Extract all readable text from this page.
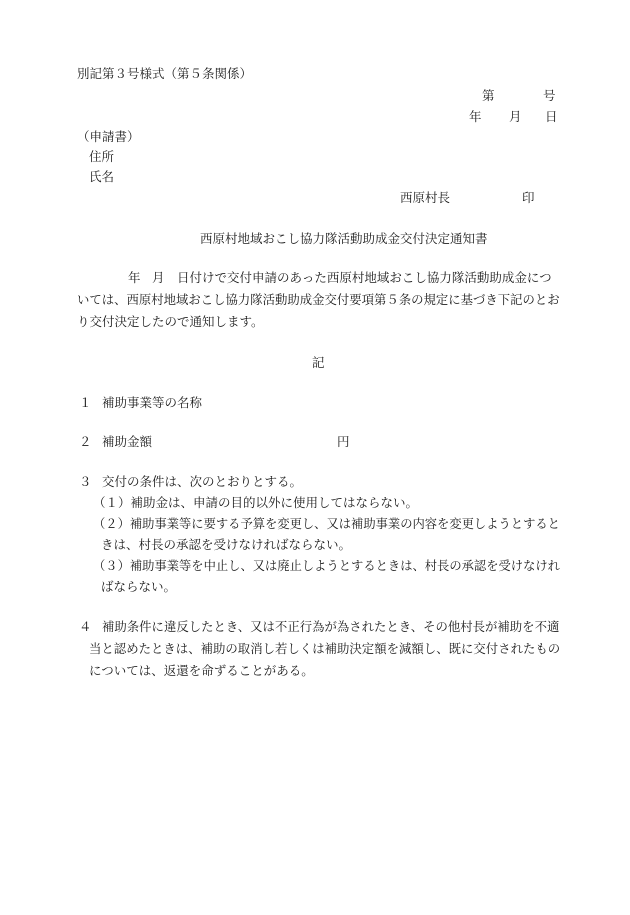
別記第３号様式（第５条関係）

第	号

年 月 日

（申請書）

住所

氏名

西原村長	印

西原村地域おこし協力隊活動助成金交付決定通知書

年 月 日付けで交付申請のあった西原村地域おこし協力隊活動助成金につ

いては、西原村地域おこし協力隊活動助成金交付要項第５条の規定に基づき下記のとお

り交付決定したので通知します。

記

１ 補助事業等の名称

２ 補助金額	円

３ 交付の条件は、次のとおりとする。

（１）補助金は、申請の目的以外に使用してはならない。

（２）補助事業等に要する予算を変更し、又は補助事業の内容を変更しようとすると

きは、村長の承認を受けなければならない。

（３）補助事業等を中止し、又は廃止しようとするときは、村長の承認を受けなけれ

ばならない。

４ 補助条件に違反したとき、又は不正行為が為されたとき、その他村長が補助を不適

当と認めたときは、補助の取消し若しくは補助決定額を減額し、既に交付されたもの

については、返還を命ずることがある。
